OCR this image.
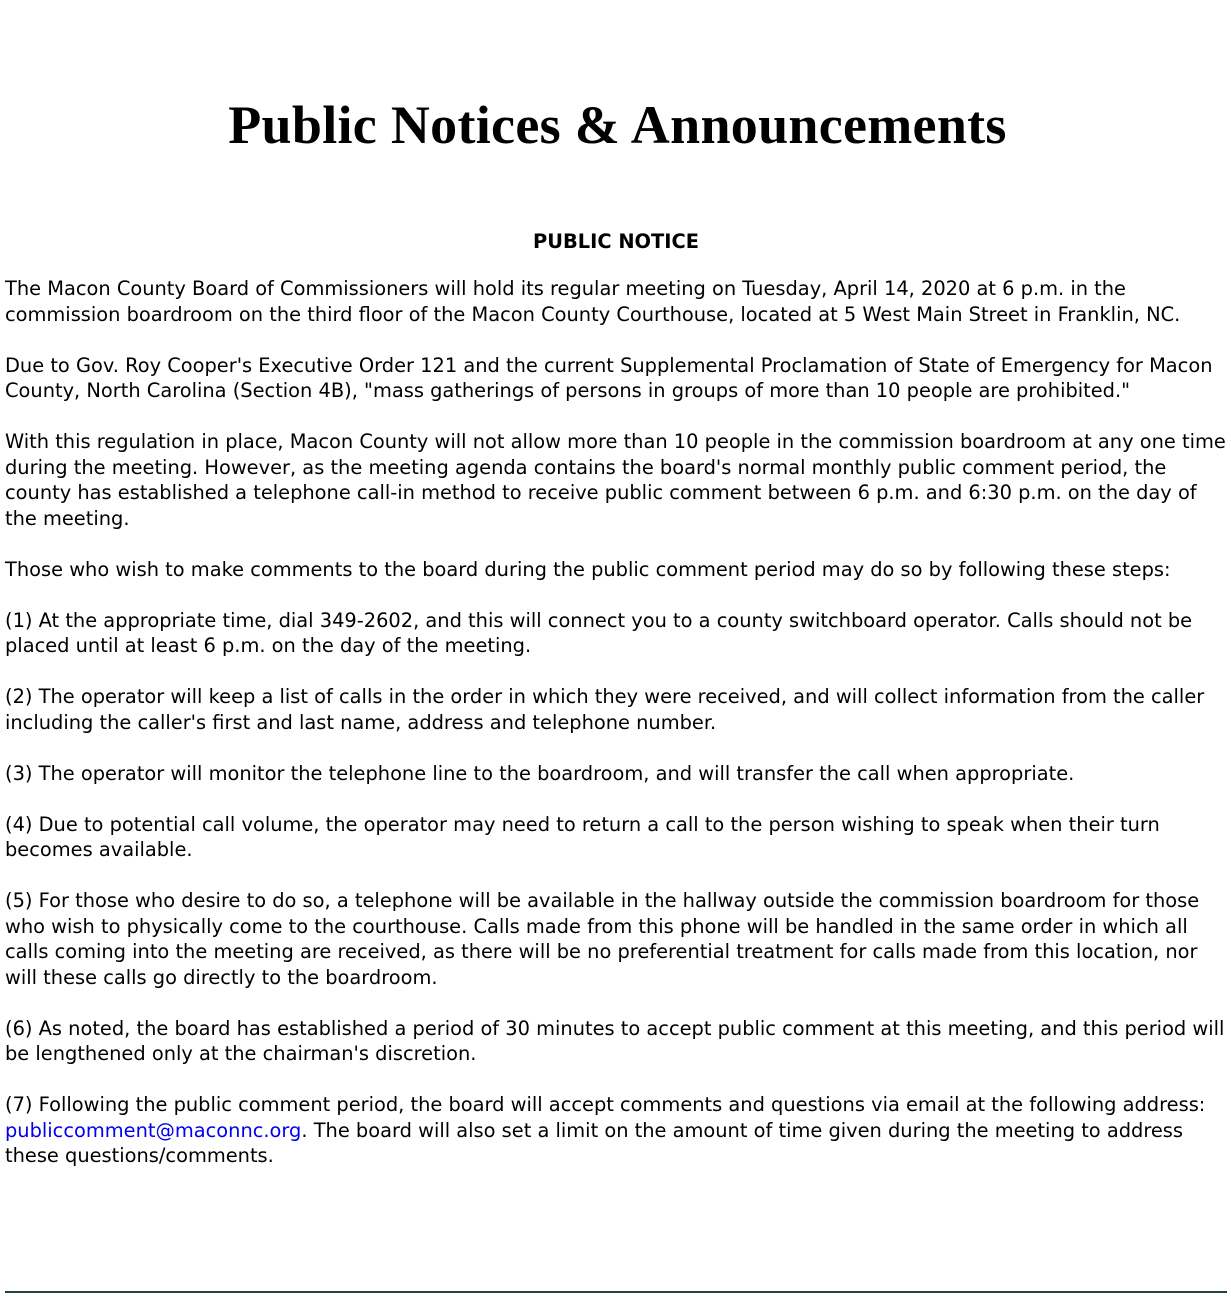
Public Notices & Announcements
PUBLIC NOTICE

The Macon County Board of Commissioners will hold its regular meeting on Tuesday, April 14, 2020 at 6 p.m. in the commission boardroom on the third floor of the Macon County Courthouse, located at 5 West Main Street in Franklin, NC.

Due to Gov. Roy Cooper's Executive Order 121 and the current Supplemental Proclamation of State of Emergency for Macon County, North Carolina (Section 4B), "mass gatherings of persons in groups of more than 10 people are prohibited."

With this regulation in place, Macon County will not allow more than 10 people in the commission boardroom at any one time during the meeting. However, as the meeting agenda contains the board's normal monthly public comment period, the county has established a telephone call-in method to receive public comment between 6 p.m. and 6:30 p.m. on the day of the meeting.

Those who wish to make comments to the board during the public comment period may do so by following these steps:

(1) At the appropriate time, dial 349-2602, and this will connect you to a county switchboard operator. Calls should not be placed until at least 6 p.m. on the day of the meeting.

(2) The operator will keep a list of calls in the order in which they were received, and will collect information from the caller including the caller's first and last name, address and telephone number.

(3) The operator will monitor the telephone line to the boardroom, and will transfer the call when appropriate.

(4) Due to potential call volume, the operator may need to return a call to the person wishing to speak when their turn becomes available.

(5) For those who desire to do so, a telephone will be available in the hallway outside the commission boardroom for those who wish to physically come to the courthouse. Calls made from this phone will be handled in the same order in which all calls coming into the meeting are received, as there will be no preferential treatment for calls made from this location, nor will these calls go directly to the boardroom.

(6) As noted, the board has established a period of 30 minutes to accept public comment at this meeting, and this period will be lengthened only at the chairman's discretion.

(7) Following the public comment period, the board will accept comments and questions via email at the following address: publiccomment@maconnc.org. The board will also set a limit on the amount of time given during the meeting to address these questions/comments.
